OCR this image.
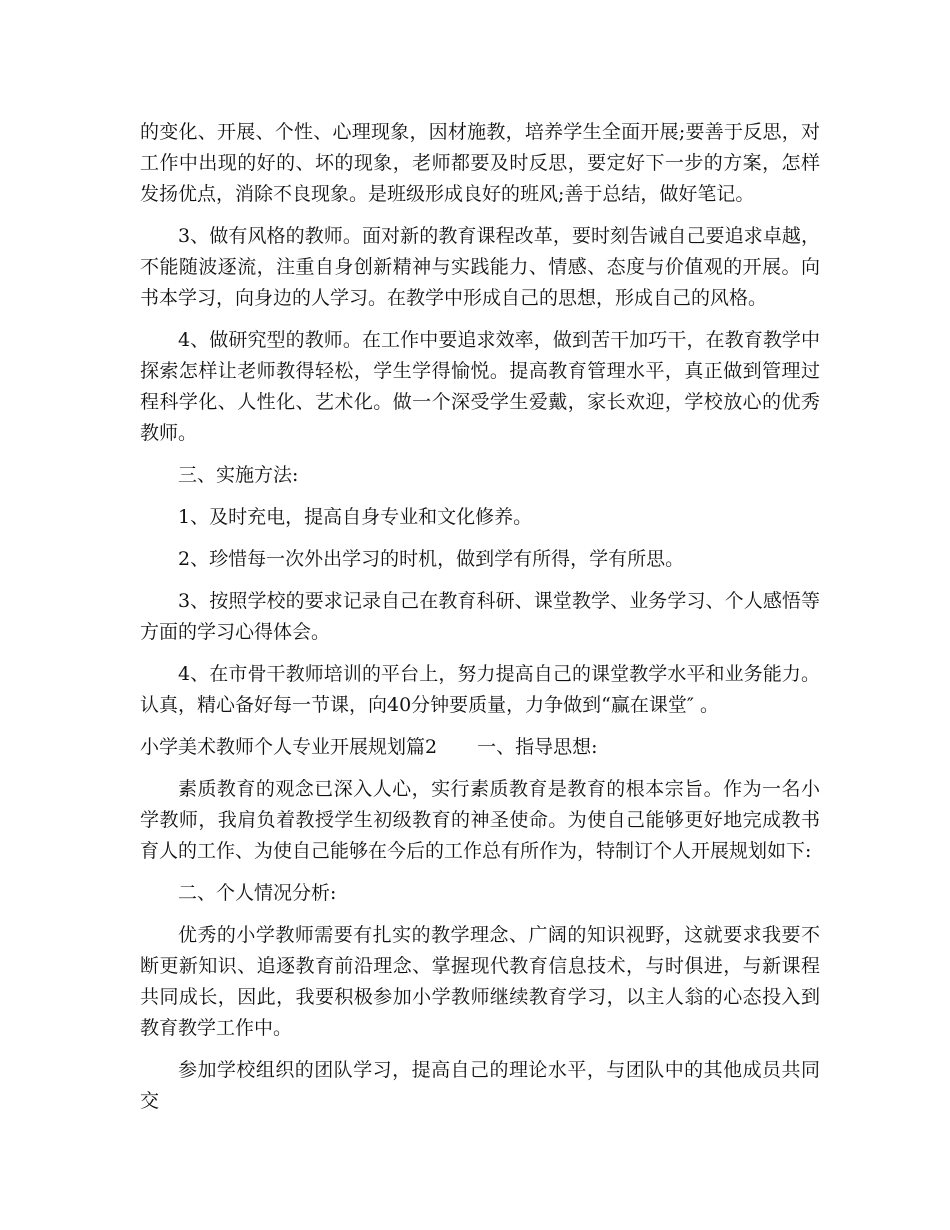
的变化、开展、个性、心理现象，因材施教，培养学生全面开展;要善于反思，对工作中出现的好的、坏的现象，老师都要及时反思，要定好下一步的方案，怎样发扬优点，消除不良现象。是班级形成良好的班风;善于总结，做好笔记。

3、做有风格的教师。面对新的教育课程改革，要时刻告诫自己要追求卓越，不能随波逐流，注重自身创新精神与实践能力、情感、态度与价值观的开展。向书本学习，向身边的人学习。在教学中形成自己的思想，形成自己的风格。

4、做研究型的教师。在工作中要追求效率，做到苦干加巧干，在教育教学中探索怎样让老师教得轻松，学生学得愉悦。提高教育管理水平，真正做到管理过程科学化、人性化、艺术化。做一个深受学生爱戴，家长欢迎，学校放心的优秀教师。

三、实施方法:

1、及时充电，提高自身专业和文化修养。

2、珍惜每一次外出学习的时机，做到学有所得，学有所思。

3、按照学校的要求记录自己在教育科研、课堂教学、业务学习、个人感悟等方面的学习心得体会。

4、在市骨干教师培训的平台上，努力提高自己的课堂教学水平和业务能力。认真，精心备好每一节课，向40分钟要质量，力争做到“赢在课堂″ 。

小学美术教师个人专业开展规划篇2 一、指导思想:

素质教育的观念已深入人心，实行素质教育是教育的根本宗旨。作为一名小学教师，我肩负着教授学生初级教育的神圣使命。为使自己能够更好地完成教书育人的工作、为使自己能够在今后的工作总有所作为，特制订个人开展规划如下:

二、个人情况分析:

优秀的小学教师需要有扎实的教学理念、广阔的知识视野，这就要求我要不断更新知识、追逐教育前沿理念、掌握现代教育信息技术，与时俱进，与新课程共同成长，因此，我要积极参加小学教师继续教育学习，以主人翁的心态投入到教育教学工作中。

参加学校组织的团队学习，提高自己的理论水平，与团队中的其他成员共同交
